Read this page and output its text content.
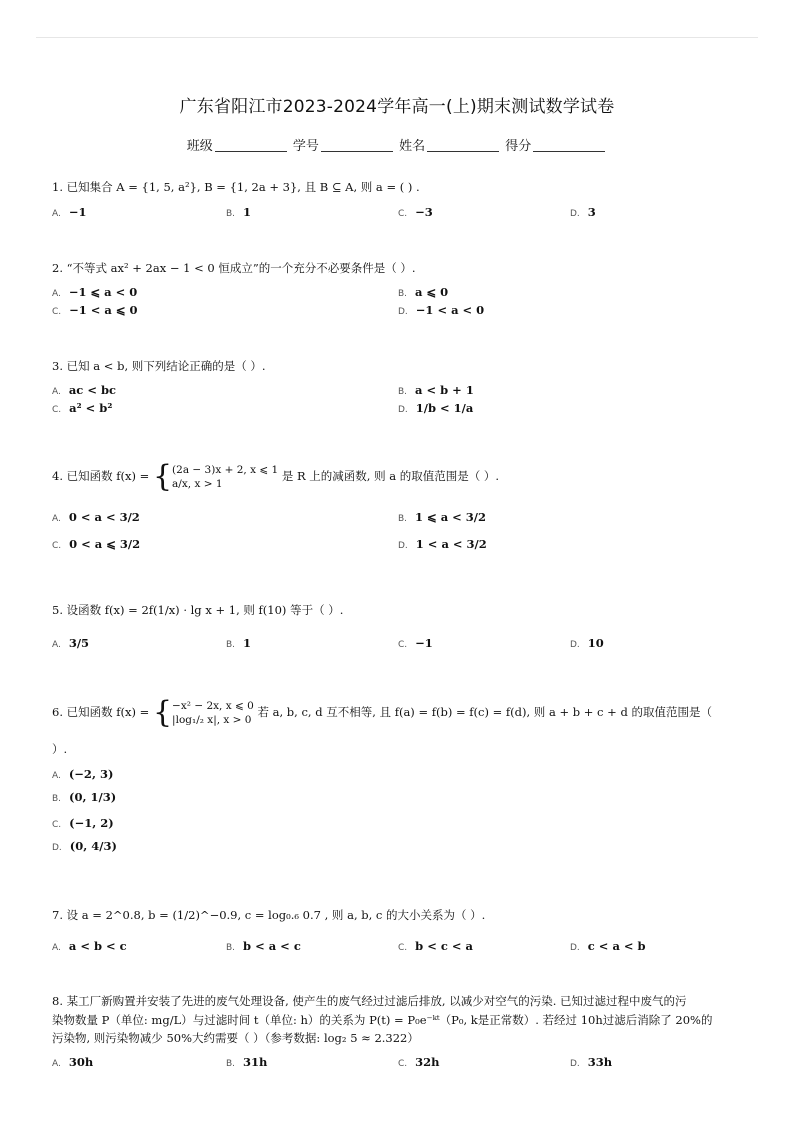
广东省阳江市2023-2024学年高一(上)期末测试数学试卷
班级	学号	姓名	得分
1. 已知集合 A = {1, 5, a²}, B = {1, 2a + 3}, 且 B ⊆ A, 则 a = ( ) .
A. −1	B. 1	C. −3	D. 3
2. “不等式 ax² + 2ax − 1 < 0 恒成立”的一个充分不必要条件是（ ）.
A. −1 ⩽ a < 0	B. a ⩽ 0
C. −1 < a ⩽ 0	D. −1 < a < 0
3. 已知 a < b, 则下列结论正确的是（ ）.
A. ac < bc	B. a < b + 1
C. a² < b²	D. 1/b < 1/a
4. 已知函数 f(x) = { (2a − 3)x + 2, x ⩽ 1
a/x, x > 1
是 R 上的减函数, 则 a 的取值范围是（ ）.
A. 0 < a < 3/2	B. 1 ⩽ a < 3/2
C. 0 < a ⩽ 3/2	D. 1 < a < 3/2
5. 设函数 f(x) = 2f(1/x) · lg x + 1, 则 f(10) 等于（ ）.
A. 3/5	B. 1	C. −1	D. 10
6. 已知函数 f(x) = { −x² − 2x, x ⩽ 0
|log₁/₂ x|, x > 0
若 a, b, c, d 互不相等, 且 f(a) = f(b) = f(c) = f(d), 则 a + b + c + d 的取值范围是（
）.
A. (−2, 3)
B. (0, 1/3)
C. (−1, 2)
D. (0, 4/3)
7. 设 a = 2^0.8, b = (1/2)^−0.9, c = log₀.₆ 0.7 , 则 a, b, c 的大小关系为（ ）.
A. a < b < c	B. b < a < c	C. b < c < a	D. c < a < b
8. 某工厂新购置并安装了先进的废气处理设备, 使产生的废气经过过滤后排放, 以减少对空气的污染. 已知过滤过程中废气的污
染物数量 P（单位: mg/L）与过滤时间 t（单位: h）的关系为 P(t) = P₀e⁻ᵏᵗ（P₀, k是正常数）. 若经过 10h过滤后消除了 20%的
污染物, 则污染物减少 50%大约需要（ ）（参考数据: log₂ 5 ≈ 2.322）
A. 30h	B. 31h	C. 32h	D. 33h
